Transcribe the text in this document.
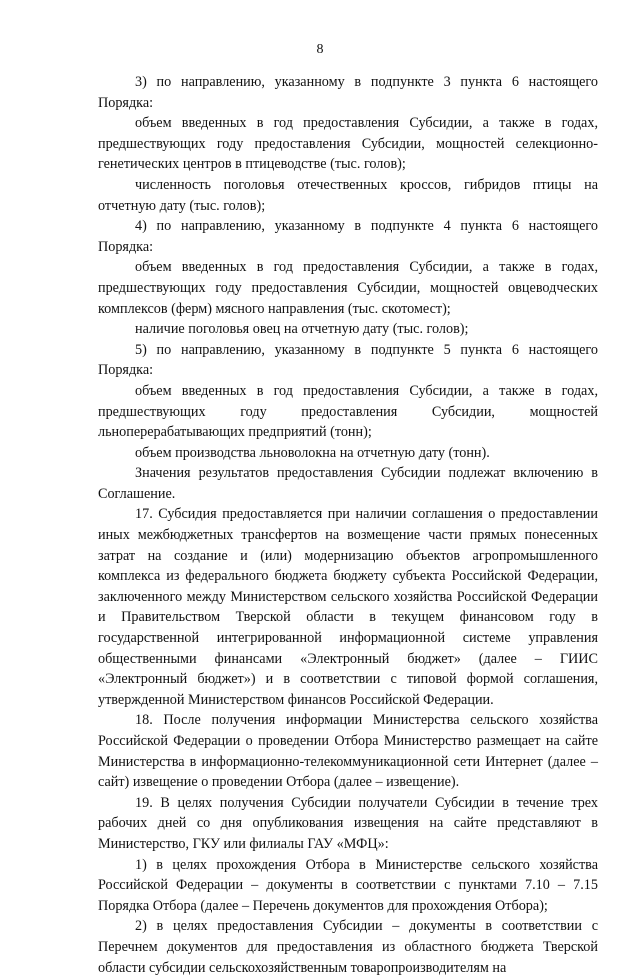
8

3) по направлению, указанному в подпункте 3 пункта 6 настоящего Порядка:

объем введенных в год предоставления Субсидии, а также в годах, предшествующих году предоставления Субсидии, мощностей селекционно-генетических центров в птицеводстве (тыс. голов);

численность поголовья отечественных кроссов, гибридов птицы на отчетную дату (тыс. голов);

4) по направлению, указанному в подпункте 4 пункта 6 настоящего Порядка:

объем введенных в год предоставления Субсидии, а также в годах, предшествующих году предоставления Субсидии, мощностей овцеводческих комплексов (ферм) мясного направления (тыс. скотомест);

наличие поголовья овец на отчетную дату (тыс. голов);

5) по направлению, указанному в подпункте 5 пункта 6 настоящего Порядка:

объем введенных в год предоставления Субсидии, а также в годах, предшествующих году предоставления Субсидии, мощностей льноперерабатывающих предприятий (тонн);

объем производства льноволокна на отчетную дату (тонн).

Значения результатов предоставления Субсидии подлежат включению в Соглашение.

17. Субсидия предоставляется при наличии соглашения о предоставлении иных межбюджетных трансфертов на возмещение части прямых понесенных затрат на создание и (или) модернизацию объектов агропромышленного комплекса из федерального бюджета бюджету субъекта Российской Федерации, заключенного между Министерством сельского хозяйства Российской Федерации и Правительством Тверской области в текущем финансовом году в государственной интегрированной информационной системе управления общественными финансами «Электронный бюджет» (далее – ГИИС «Электронный бюджет») и в соответствии с типовой формой соглашения, утвержденной Министерством финансов Российской Федерации.

18. После получения информации Министерства сельского хозяйства Российской Федерации о проведении Отбора Министерство размещает на сайте Министерства в информационно-телекоммуникационной сети Интернет (далее – сайт) извещение о проведении Отбора (далее – извещение).

19. В целях получения Субсидии получатели Субсидии в течение трех рабочих дней со дня опубликования извещения на сайте представляют в Министерство, ГКУ или филиалы ГАУ «МФЦ»:

1) в целях прохождения Отбора в Министерстве сельского хозяйства Российской Федерации – документы в соответствии с пунктами 7.10 – 7.15 Порядка Отбора (далее – Перечень документов для прохождения Отбора);

2) в целях предоставления Субсидии – документы в соответствии с Перечнем документов для предоставления из областного бюджета Тверской области субсидии сельскохозяйственным товаропроизводителям на
